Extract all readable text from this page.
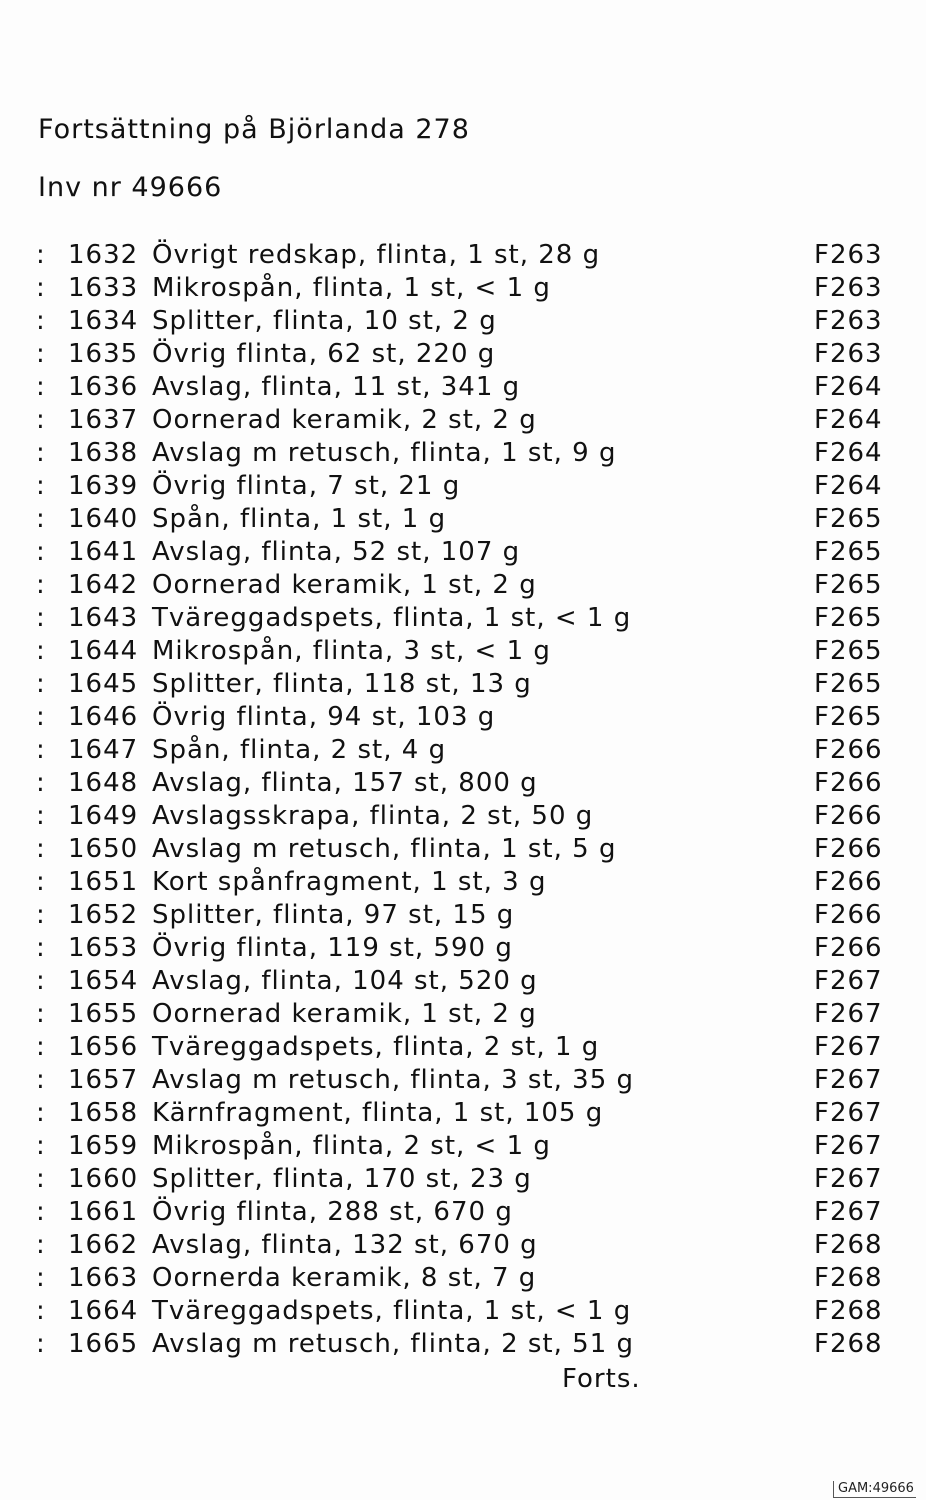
Fortsättning på Björlanda 278
Inv nr 49666
: 1632 Övrigt redskap, flinta, 1 st, 28 g	F263
: 1633 Mikrospån, flinta, 1 st, < 1 g	F263
: 1634 Splitter, flinta, 10 st, 2 g	F263
: 1635 Övrig flinta, 62 st, 220 g	F263
: 1636 Avslag, flinta, 11 st, 341 g	F264
: 1637 Oornerad keramik, 2 st, 2 g	F264
: 1638 Avslag m retusch, flinta, 1 st, 9 g	F264
: 1639 Övrig flinta, 7 st, 21 g	F264
: 1640 Spån, flinta, 1 st, 1 g	F265
: 1641 Avslag, flinta, 52 st, 107 g	F265
: 1642 Oornerad keramik, 1 st, 2 g	F265
: 1643 Tväreggadspets, flinta, 1 st, < 1 g	F265
: 1644 Mikrospån, flinta, 3 st, < 1 g	F265
: 1645 Splitter, flinta, 118 st, 13 g	F265
: 1646 Övrig flinta, 94 st, 103 g	F265
: 1647 Spån, flinta, 2 st, 4 g	F266
: 1648 Avslag, flinta, 157 st, 800 g	F266
: 1649 Avslagsskrapa, flinta, 2 st, 50 g	F266
: 1650 Avslag m retusch, flinta, 1 st, 5 g	F266
: 1651 Kort spånfragment, 1 st, 3 g	F266
: 1652 Splitter, flinta, 97 st, 15 g	F266
: 1653 Övrig flinta, 119 st, 590 g	F266
: 1654 Avslag, flinta, 104 st, 520 g	F267
: 1655 Oornerad keramik, 1 st, 2 g	F267
: 1656 Tväreggadspets, flinta, 2 st, 1 g	F267
: 1657 Avslag m retusch, flinta, 3 st, 35 g	F267
: 1658 Kärnfragment, flinta, 1 st, 105 g	F267
: 1659 Mikrospån, flinta, 2 st, < 1 g	F267
: 1660 Splitter, flinta, 170 st, 23 g	F267
: 1661 Övrig flinta, 288 st, 670 g	F267
: 1662 Avslag, flinta, 132 st, 670 g	F268
: 1663 Oornerda keramik, 8 st, 7 g	F268
: 1664 Tväreggadspets, flinta, 1 st, < 1 g	F268
: 1665 Avslag m retusch, flinta, 2 st, 51 g	F268
Forts.
GAM:49666
